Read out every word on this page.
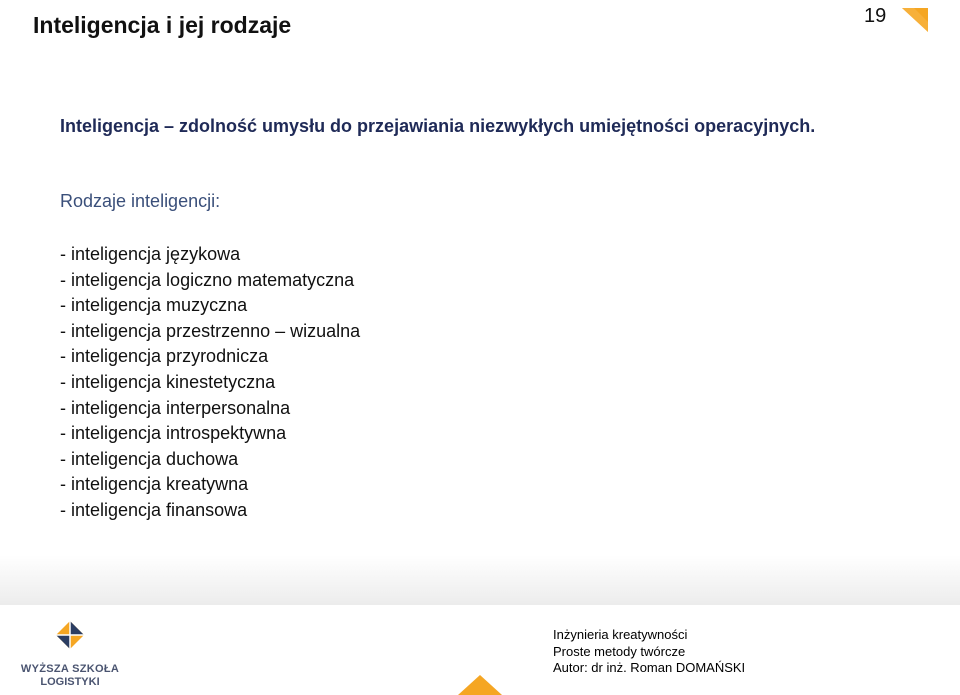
Inteligencja i jej rodzaje	19
Inteligencja – zdolność umysłu do przejawiania niezwykłych umiejętności operacyjnych.
Rodzaje inteligencji:
- inteligencja językowa
- inteligencja logiczno matematyczna
- inteligencja muzyczna
- inteligencja przestrzenno – wizualna
- inteligencja przyrodnicza
- inteligencja kinestetyczna
- inteligencja interpersonalna
- inteligencja introspektywna
- inteligencja duchowa
- inteligencja kreatywna
- inteligencja finansowa
WYŻSZA SZKOŁA
LOGISTYKI
Inżynieria kreatywności
Proste metody twórcze
Autor: dr inż. Roman DOMAŃSKI
